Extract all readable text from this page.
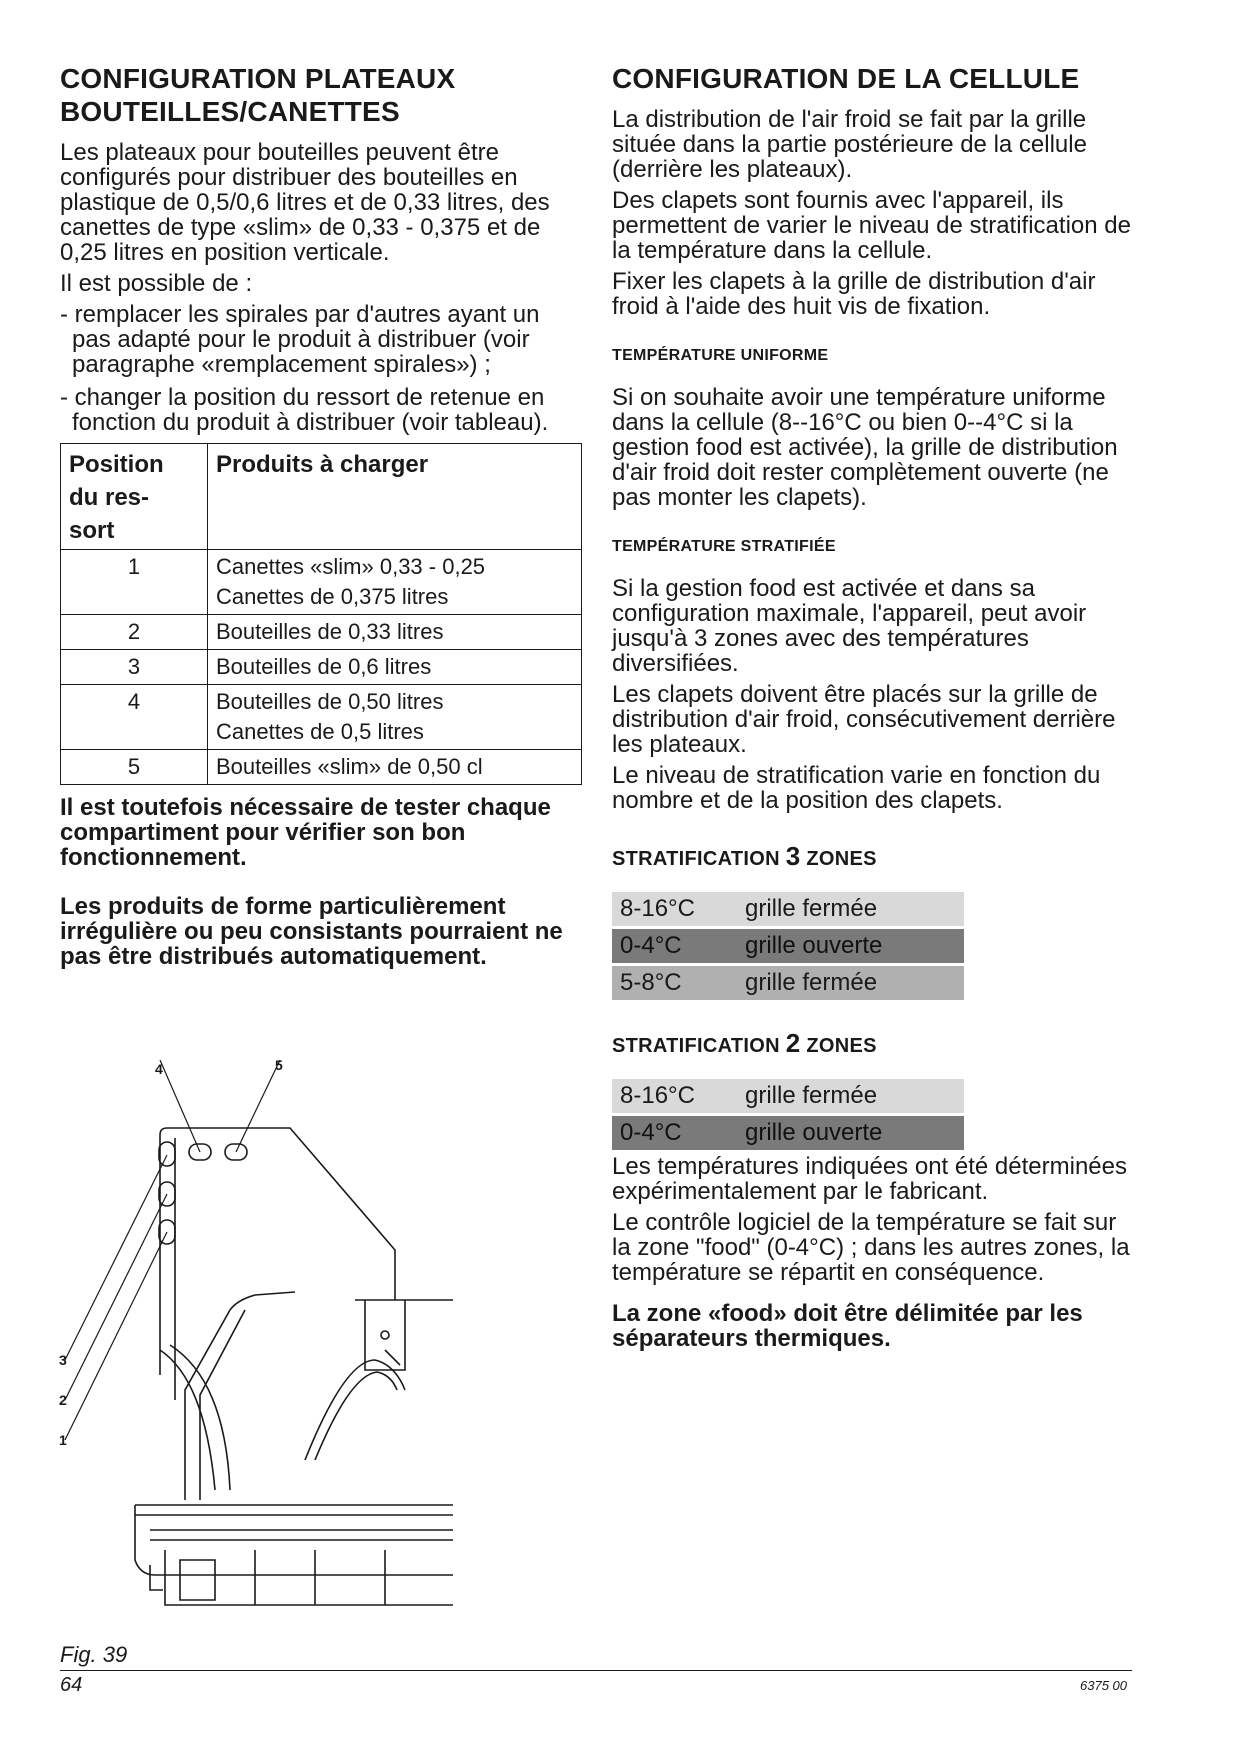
CONFIGURATION PLATEAUX BOUTEILLES/CANETTES

Les plateaux pour bouteilles peuvent être configurés pour distribuer des bouteilles en plastique de 0,5/0,6 litres et de 0,33 litres, des canettes de type «slim» de 0,33 - 0,375 et de 0,25 litres en position verticale.

Il est possible de :

- remplacer les spirales par d'autres ayant un pas adapté pour le produit à distribuer (voir paragraphe «remplacement spirales») ;
- changer la position du ressort de retenue en fonction du produit à distribuer (voir tableau).
Position du res- sort	Produits à charger
1	Canettes «slim» 0,33 - 0,25
Canettes de 0,375 litres

2	Bouteilles de 0,33 litres

3	Bouteilles de 0,6 litres

4	Bouteilles de 0,50 litres
Canettes de 0,5 litres

5	Bouteilles «slim» de 0,50 cl

Il est toutefois nécessaire de tester chaque compartiment pour vérifier son bon fonctionnement.

Les produits de forme particulièrement irrégulière ou peu consistants pourraient ne pas être distribués automatiquement.

1
2
3
4	5
Fig. 39
CONFIGURATION DE LA CELLULE

La distribution de l'air froid se fait par la grille située dans la partie postérieure de la cellule (derrière les plateaux).

Des clapets sont fournis avec l'appareil, ils permettent de varier le niveau de stratification de la température dans la cellule.

Fixer les clapets à la grille de distribution d'air froid à l'aide des huit vis de fixation.

TEMPÉRATURE UNIFORME

Si on souhaite avoir une température uniforme dans la cellule (8--16°C ou bien 0--4°C si la gestion food est activée), la grille de distribution d'air froid doit rester complètement ouverte (ne pas monter les clapets).

TEMPÉRATURE STRATIFIÉE

Si la gestion food est activée et dans sa configuration maximale, l'appareil, peut avoir jusqu'à 3 zones avec des températures diversifiées.

Les clapets doivent être placés sur la grille de distribution d'air froid, consécutivement derrière les plateaux.

Le niveau de stratification varie en fonction du nombre et de la position des clapets.

STRATIFICATION 3 ZONES
8-16°C	grille fermée
0-4°C	grille ouverte
5-8°C	grille fermée
STRATIFICATION 2 ZONES
8-16°C	grille fermée
0-4°C	grille ouverte

Les températures indiquées ont été déterminées expérimentalement par le fabricant.

Le contrôle logiciel de la température se fait sur la zone "food" (0-4°C) ; dans les autres zones, la température se répartit en conséquence.

La zone «food» doit être délimitée par les séparateurs thermiques.

64	6375 00
